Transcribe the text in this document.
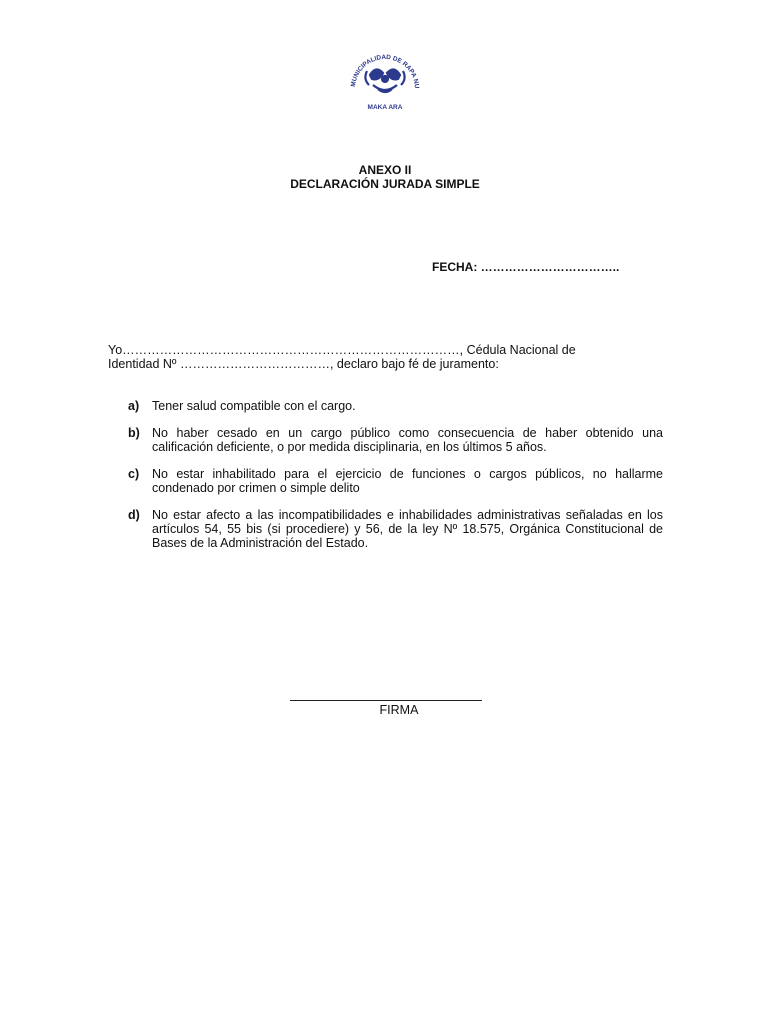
MUNICIPALIDAD DE RAPA NU
MAKA ARA
ANEXO II
DECLARACIÓN JURADA SIMPLE
FECHA: ……………………………..
Yo………………………………………………………………………, Cédula Nacional de
Identidad Nº ………………………………, declaro bajo fé de juramento:
a)	Tener salud compatible con el cargo.
b) No haber cesado en un cargo público como consecuencia de haber obtenido una calificación deficiente, o por medida disciplinaria, en los últimos 5 años.
c)	No estar inhabilitado para el ejercicio de funciones o cargos públicos, no hallarme condenado por crimen o simple delito
d) No estar afecto a las incompatibilidades e inhabilidades administrativas señaladas en los artículos 54, 55 bis (si procediere) y 56, de la ley Nº 18.575, Orgánica Constitucional de Bases de la Administración del Estado.
FIRMA
